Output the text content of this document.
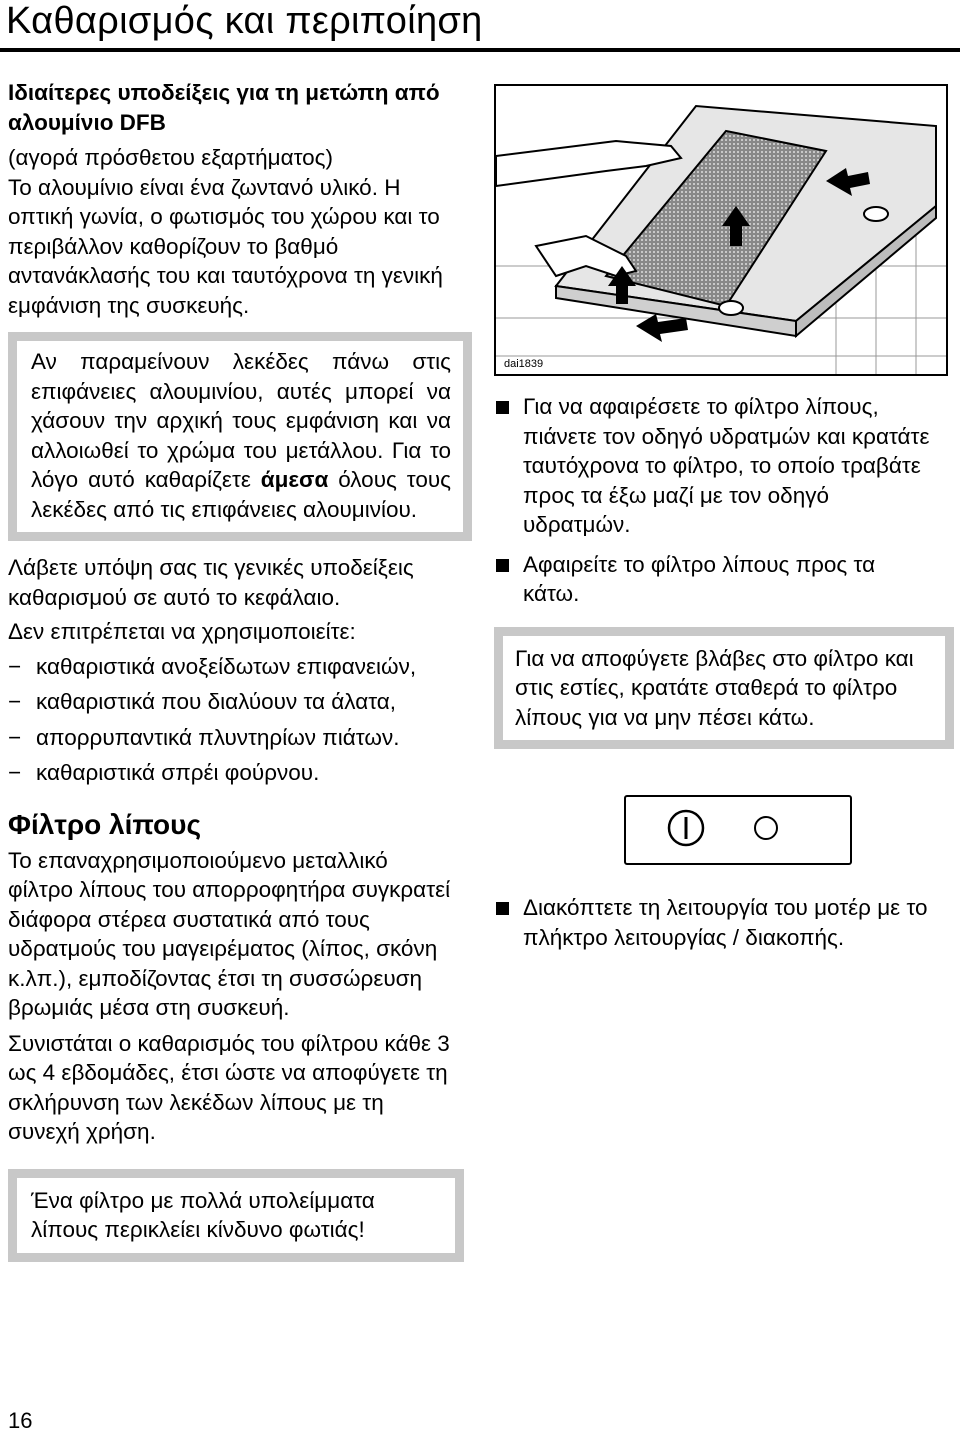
Καθαρισμός και περιποίηση
Ιδιαίτερες υποδείξεις για τη μετώπη από αλουμίνιο DFB

(αγορά πρόσθετου εξαρτήματος)

Το αλουμίνιο είναι ένα ζωντανό υλικό. Η οπτική γωνία, ο φωτισμός του χώρου και το περιβάλλον καθορίζουν το βαθμό αντανάκλασής του και ταυτόχρονα τη γενική εμφάνιση της συσκευής.

Αν παραμείνουν λεκέδες πάνω στις επιφάνειες αλουμινίου, αυτές μπορεί να χάσουν την αρχική τους εμφάνιση και να αλλοιωθεί το χρώμα του μετάλλου. Για το λόγο αυτό καθαρίζετε άμεσα όλους τους λεκέδες από τις επιφάνειες αλουμινίου.

Λάβετε υπόψη σας τις γενικές υποδείξεις καθαρισμού σε αυτό το κεφάλαιο.

Δεν επιτρέπεται να χρησιμοποιείτε:

− καθαριστικά ανοξείδωτων επιφανειών,
− καθαριστικά που διαλύουν τα άλατα,
− απορρυπαντικά πλυντηρίων πιάτων.
− καθαριστικά σπρέι φούρνου.
Φίλτρο λίπους

Το επαναχρησιμοποιούμενο μεταλλικό φίλτρο λίπους του απορροφητήρα συγκρατεί διάφορα στέρεα συστατικά από τους υδρατμούς του μαγειρέματος (λίπος, σκόνη κ.λπ.), εμποδίζοντας έτσι τη συσσώρευση βρωμιάς μέσα στη συσκευή.

Συνιστάται ο καθαρισμός του φίλτρου κάθε 3 ως 4 εβδομάδες, έτσι ώστε να αποφύγετε τη σκλήρυνση των λεκέδων λίπους με τη συνεχή χρήση.

Ένα φίλτρο με πολλά υπολείμματα λίπους περικλείει κίνδυνο φωτιάς!

dai1839
Για να αφαιρέσετε το φίλτρο λίπους, πιάνετε τον οδηγό υδρατμών και κρατάτε ταυτόχρονα το φίλτρο, το οποίο τραβάτε προς τα έξω μαζί με τον οδηγό υδρατμών.
Αφαιρείτε το φίλτρο λίπους προς τα κάτω.

Για να αποφύγετε βλάβες στο φίλτρο και στις εστίες, κρατάτε σταθερά το φίλτρο λίπους για να μην πέσει κάτω.

Διακόπτετε τη λειτουργία του μοτέρ με το πλήκτρο λειτουργίας / διακοπής.
16
